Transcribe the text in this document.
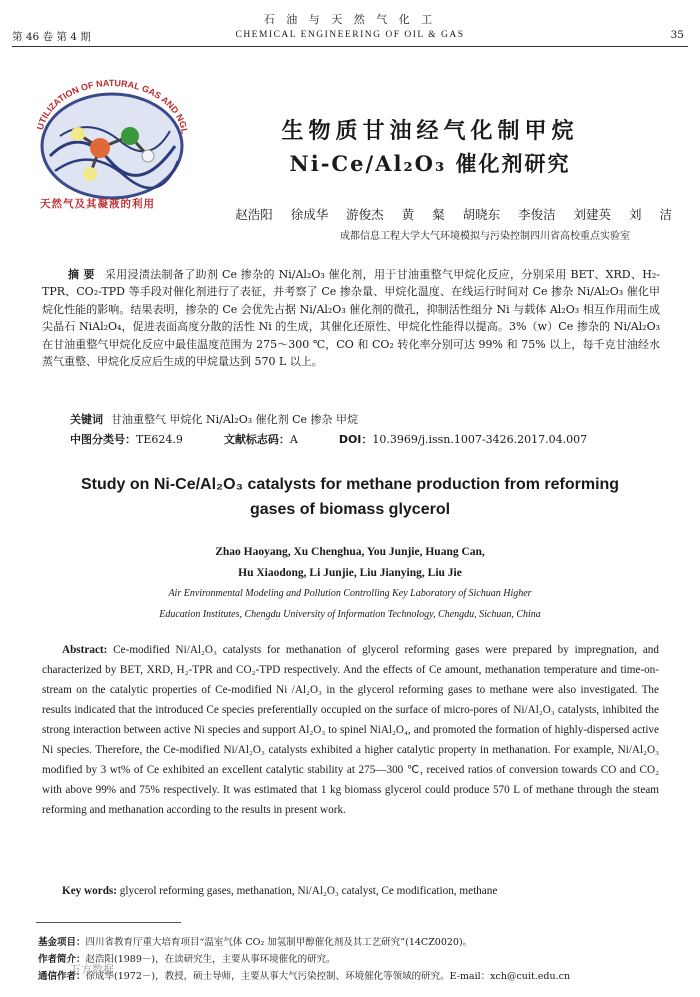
石 油 与 天 然 气 化 工
CHEMICAL ENGINEERING OF OIL & GAS
第 46 卷 第 4 期	35
UTILIZATION OF NATURAL GAS AND NGL
天然气及其凝液的利用
生物质甘油经气化制甲烷
Ni-Ce/Al₂O₃ 催化剂研究
赵浩阳 徐成华 游俊杰 黄 粲 胡晓东 李俊洁 刘建英 刘 洁
成都信息工程大学大气环境模拟与污染控制四川省高校重点实验室
摘 要 采用浸渍法制备了助剂 Ce 掺杂的 Ni/Al₂O₃ 催化剂，用于甘油重整气甲烷化反应，分别采用 BET、XRD、H₂-TPR、CO₂-TPD 等手段对催化剂进行了表征，并考察了 Ce 掺杂量、甲烷化温度、在线运行时间对 Ce 掺杂 Ni/Al₂O₃ 催化甲烷化性能的影响。结果表明，掺杂的 Ce 会优先占据 Ni/Al₂O₃ 催化剂的微孔，抑制活性组分 Ni 与载体 Al₂O₃ 相互作用而生成尖晶石 NiAl₂O₄，促进表面高度分散的活性 Ni 的生成，其催化还原性、甲烷化性能得以提高。3%（w）Ce 掺杂的 Ni/Al₂O₃ 在甘油重整气甲烷化反应中最佳温度范围为 275～300 ℃，CO 和 CO₂ 转化率分别可达 99% 和 75% 以上，每千克甘油经水蒸气重整、甲烷化反应后生成的甲烷量达到 570 L 以上。
关键词 甘油重整气 甲烷化 Ni/Al₂O₃ 催化剂 Ce 掺杂 甲烷
中图分类号：TE624.9	文献标志码：A	DOI：10.3969/j.issn.1007-3426.2017.04.007
Study on Ni-Ce/Al₂O₃ catalysts for methane production from reforming gases of biomass glycerol
Zhao Haoyang, Xu Chenghua, You Junjie, Huang Can,
Hu Xiaodong, Li Junjie, Liu Jianying, Liu Jie
Air Environmental Modeling and Pollution Controlling Key Laboratory of Sichuan Higher
Education Institutes, Chengdu University of Information Technology, Chengdu, Sichuan, China
Abstract: Ce-modified Ni/Al₂O₃ catalysts for methanation of glycerol reforming gases were prepared by impregnation, and characterized by BET, XRD, H₂-TPR and CO₂-TPD respectively. And the effects of Ce amount, methanation temperature and time-on-stream on the catalytic properties of Ce-modified Ni /Al₂O₃ in the glycerol reforming gases to methane were also investigated. The results indicated that the introduced Ce species preferentially occupied on the surface of micro-pores of Ni/Al₂O₃ catalysts, inhibited the strong interaction between active Ni species and support Al₂O₃ to spinel NiAl₂O₄, and promoted the formation of highly-dispersed active Ni species. Therefore, the Ce-modified Ni/Al₂O₃ catalysts exhibited a higher catalytic property in methanation. For example, Ni/Al₂O₃ modified by 3 wt% of Ce exhibited an excellent catalytic stability at 275—300 ℃, received ratios of conversion towards CO and CO₂ with above 99% and 75% respectively. It was estimated that 1 kg biomass glycerol could produce 570 L of methane through the steam reforming and methanation according to the results in present work.
Key words: glycerol reforming gases, methanation, Ni/Al₂O₃ catalyst, Ce modification, methane
基金项目：四川省教育厅重大培育项目“温室气体 CO₂ 加氢制甲醇催化剂及其工艺研究”(14CZ0020)。
作者简介：赵浩阳(1989－)，在读研究生，主要从事环境催化的研究。
通信作者：徐成华(1972－)，教授，硕士导师，主要从事大气污染控制、环境催化等领域的研究。E-mail：xch@cuit.edu.cn
万方数据
